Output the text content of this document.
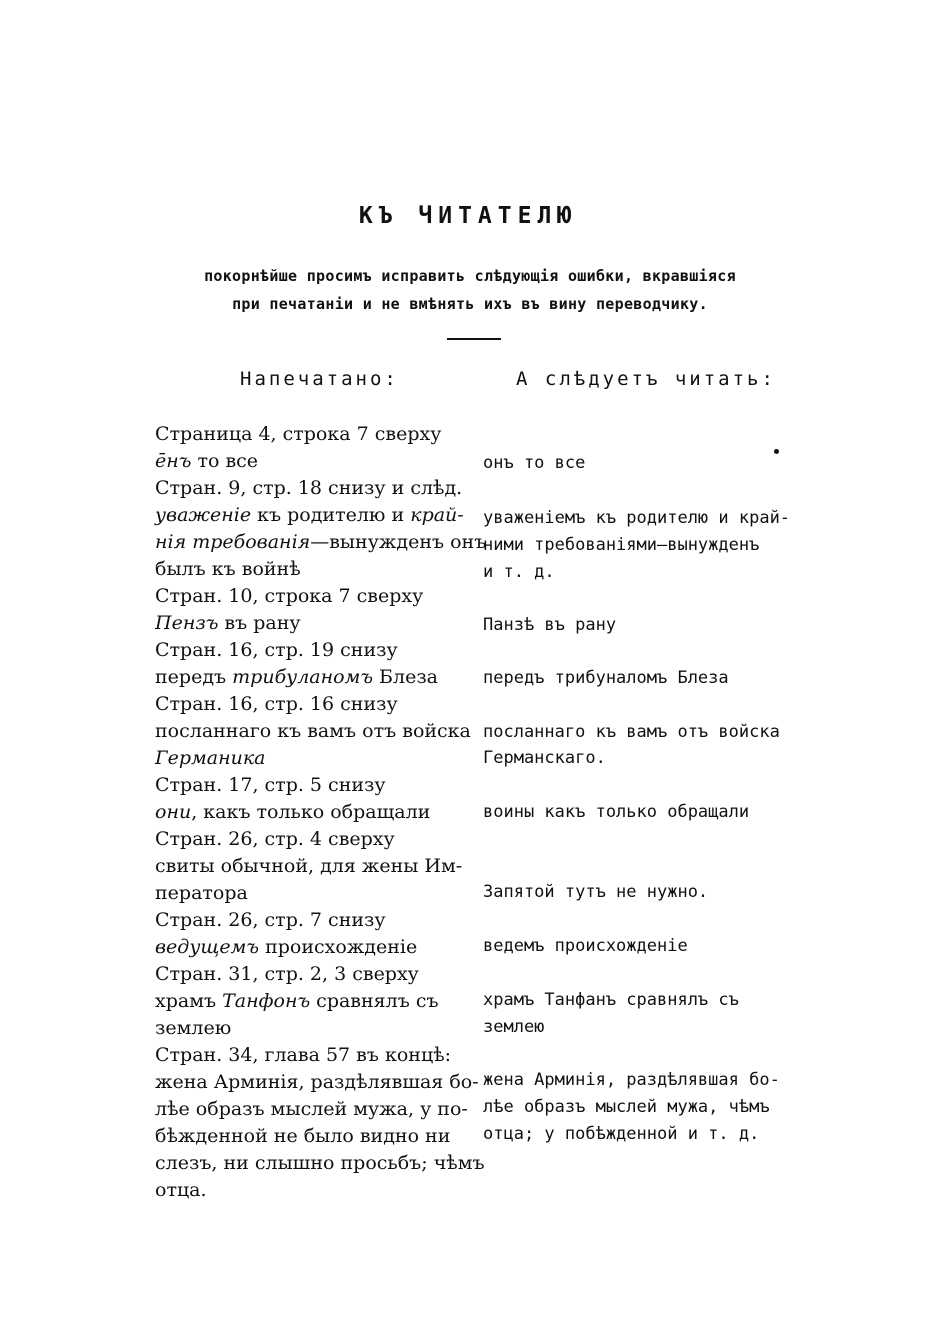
КЪ ЧИТАТЕЛЮ
покорнѣйше просимъ исправить слѣдующія ошибки, вкравшіяся
при печатаніи и не вмѣнять ихъ въ вину переводчику.
Напечатано:	А слѣдуетъ читать:
Страница 4, строка 7 сверху
ēнъ то все
Стран. 9, стр. 18 снизу и слѣд.
уваженіе къ родителю и край-
нія требованія—вынужденъ онъ
былъ къ войнѣ
Стран. 10, строка 7 сверху
Пензъ въ рану
Стран. 16, стр. 19 снизу
передъ трибуланомъ Блеза
Стран. 16, стр. 16 снизу
посланнаго къ вамъ отъ войска
Германика
Стран. 17, стр. 5 снизу
они, какъ только обращали
Стран. 26, стр. 4 сверху
свиты обычной, для жены Им-
ператора
Стран. 26, стр. 7 снизу
ведущемъ происхожденіе
Стран. 31, стр. 2, 3 сверху
храмъ Танфонъ сравнялъ съ
землею
Стран. 34, глава 57 въ концѣ:
жена Арминія, раздѣлявшая бо-
лѣе образъ мыслей мужа, у по-
бѣжденной не было видно ни
слезъ, ни слышно просьбъ; чѣмъ
отца.
онъ то все
уваженіемъ къ родителю и край-
ними требованіями—вынужденъ
и т. д.
Панзѣ въ рану
передъ трибуналомъ Блеза
посланнаго къ вамъ отъ войска
Германскаго.
воины какъ только обращали
Запятой тутъ не нужно.
ведемъ происхожденіе
храмъ Танфанъ сравнялъ съ
землею
жена Арминія, раздѣлявшая бо-
лѣе образъ мыслей мужа, чѣмъ
отца; у побѣжденной и т. д.
